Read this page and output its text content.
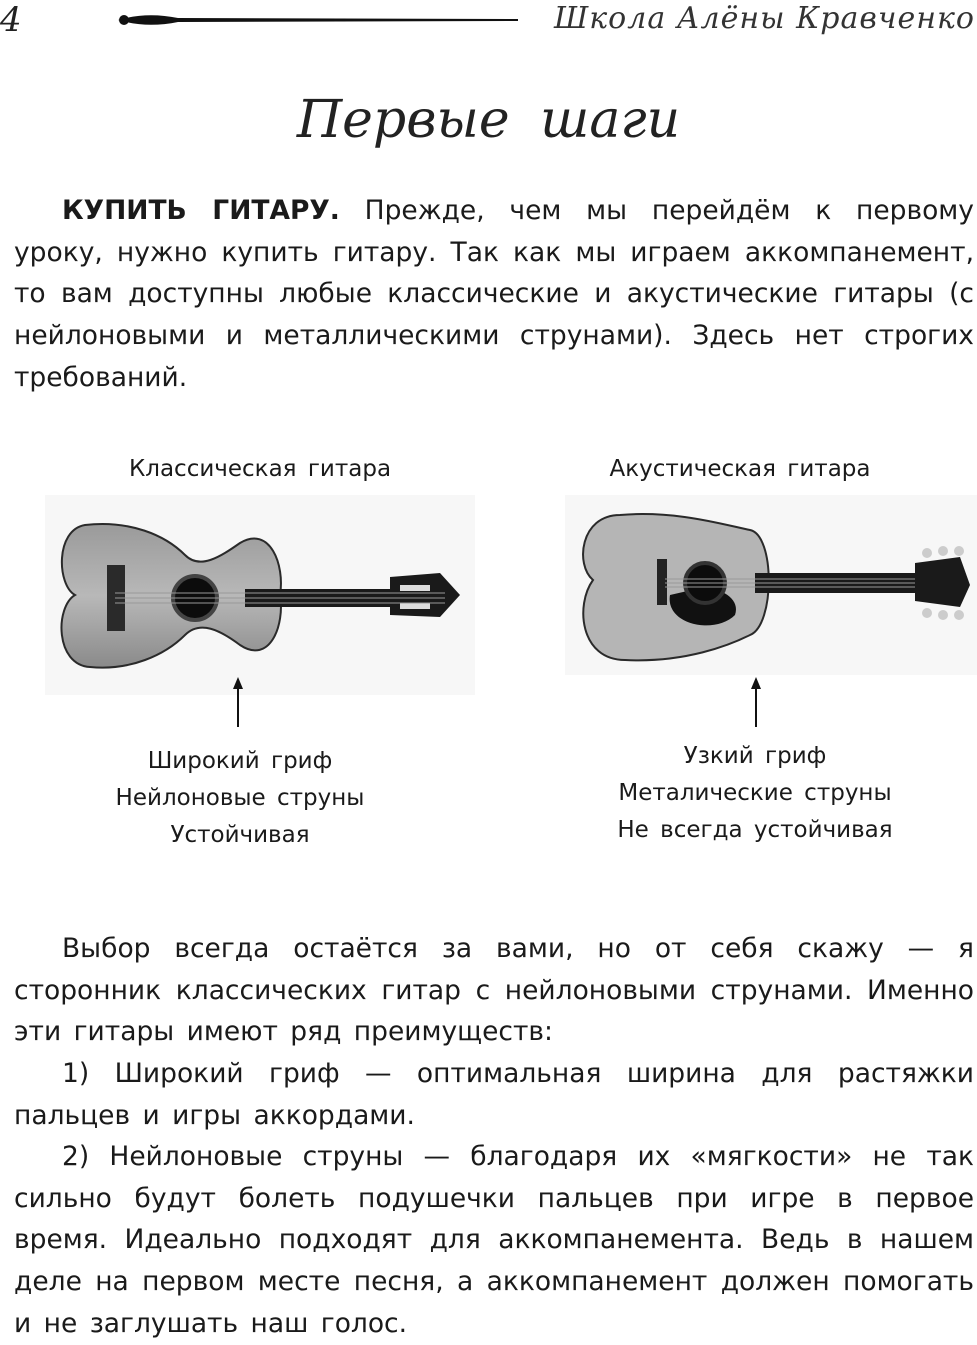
4	Школа Алёны Кравченко
Первые шаги

КУПИТЬ ГИТАРУ. Прежде, чем мы перейдём к первому уроку, нужно купить гитару. Так как мы играем аккомпанемент, то вам доступны любые классические и акустические гитары (с нейлоновыми и металлическими струнами). Здесь нет строгих требований.

Классическая гитара	Акустическая гитара
Широкий гриф
Нейлоновые струны
Устойчивая
Узкий гриф
Металические струны
Не всегда устойчивая

Выбор всегда остаётся за вами, но от себя скажу — я сторонник классических гитар с нейлоновыми струнами. Именно эти гитары имеют ряд преимуществ:

1) Широкий гриф — оптимальная ширина для растяжки пальцев и игры аккордами.

2) Нейлоновые струны — благодаря их «мягкости» не так сильно будут болеть подушечки пальцев при игре в первое время. Идеально подходят для аккомпанемента. Ведь в нашем деле на первом месте песня, а аккомпанемент должен помогать и не заглушать наш голос.
